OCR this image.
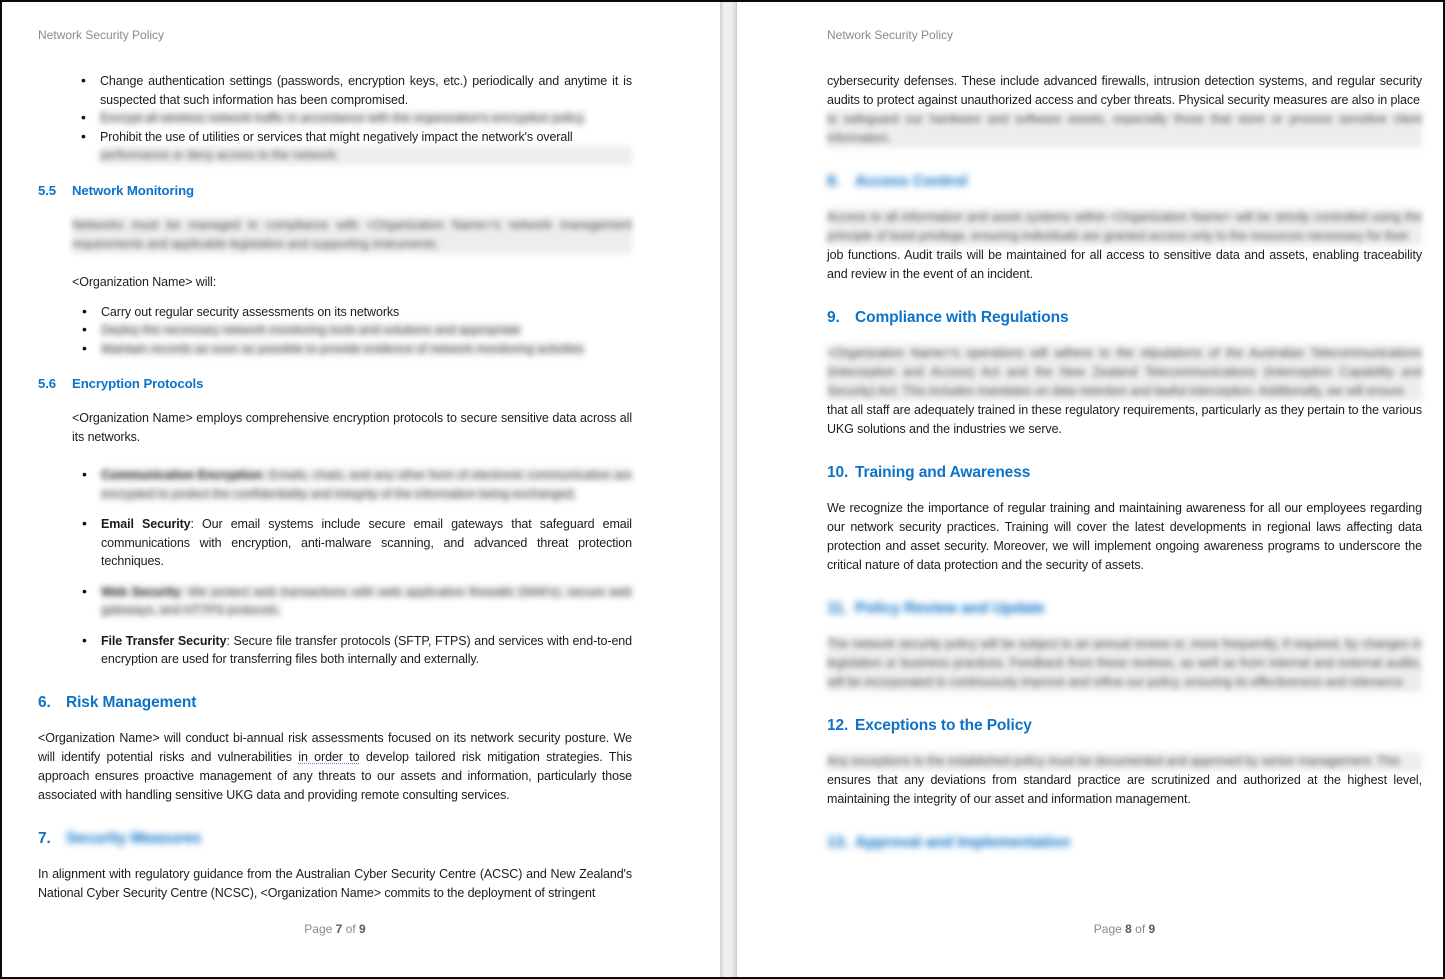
Network Security Policy
• Change authentication settings (passwords, encryption keys, etc.) periodically and anytime it is suspected that such information has been compromised.
• Encrypt all wireless network traffic in accordance with the organization's encryption policy.
• Prohibit the use of utilities or services that might negatively impact the network's overall
performance or deny access to the network.
5.5	Network Monitoring

Networks must be managed in compliance with <Organization Name>'s network management requirements and applicable legislation and supporting instruments.

<Organization Name> will:

• Carry out regular security assessments on its networks
• Deploy the necessary network monitoring tools and solutions and appropriate
• Maintain records as soon as possible to provide evidence of network monitoring activities
5.6	Encryption Protocols

<Organization Name> employs comprehensive encryption protocols to secure sensitive data across all its networks.

• Communication Encryption: Emails, chats, and any other form of electronic communication are encrypted to protect the confidentiality and integrity of the information being exchanged.
• Email Security: Our email systems include secure email gateways that safeguard email communications with encryption, anti-malware scanning, and advanced threat protection techniques.
• Web Security: We protect web transactions with web application firewalls (WAFs), secure web gateways, and HTTPS protocols.
• File Transfer Security: Secure file transfer protocols (SFTP, FTPS) and services with end-to-end encryption are used for transferring files both internally and externally.
6. Risk Management

<Organization Name> will conduct bi-annual risk assessments focused on its network security posture. We will identify potential risks and vulnerabilities in order to develop tailored risk mitigation strategies. This approach ensures proactive management of any threats to our assets and information, particularly those associated with handling sensitive UKG data and providing remote consulting services.

7. Security Measures

In alignment with regulatory guidance from the Australian Cyber Security Centre (ACSC) and New Zealand's National Cyber Security Centre (NCSC), <Organization Name> commits to the deployment of stringent

Page 7 of 9
Network Security Policy

cybersecurity defenses. These include advanced firewalls, intrusion detection systems, and regular security audits to protect against unauthorized access and cyber threats. Physical security measures are also in place
to safeguard our hardware and software assets, especially those that store or process sensitive client information.

8. Access Control

Access to all information and asset systems within <Organization Name> will be strictly controlled using the principle of least privilege, ensuring individuals are granted access only to the resources necessary for their
job functions. Audit trails will be maintained for all access to sensitive data and assets, enabling traceability and review in the event of an incident.

9. Compliance with Regulations

<Organization Name>'s operations will adhere to the stipulations of the Australian Telecommunications (Interception and Access) Act and the New Zealand Telecommunications (Interception Capability and Security) Act. This includes mandates on data retention and lawful interception. Additionally, we will ensure
that all staff are adequately trained in these regulatory requirements, particularly as they pertain to the various UKG solutions and the industries we serve.

10. Training and Awareness

We recognize the importance of regular training and maintaining awareness for all our employees regarding our network security practices. Training will cover the latest developments in regional laws affecting data protection and asset security. Moreover, we will implement ongoing awareness programs to underscore the critical nature of data protection and the security of assets.

11. Policy Review and Update

The network security policy will be subject to an annual review or, more frequently, if required, by changes in legislation or business practices. Feedback from these reviews, as well as from internal and external audits, will be incorporated to continuously improve and refine our policy, ensuring its effectiveness and relevance.

12. Exceptions to the Policy

Any exceptions to the established policy must be documented and approved by senior management. This
ensures that any deviations from standard practice are scrutinized and authorized at the highest level, maintaining the integrity of our asset and information management.

13. Approval and Implementation
Page 8 of 9
